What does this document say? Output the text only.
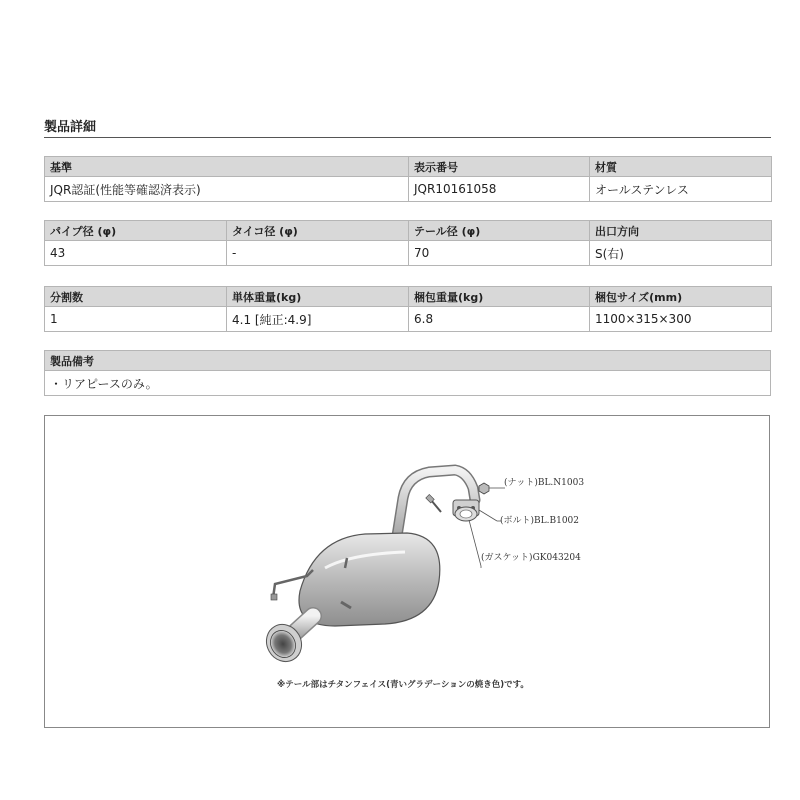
製品詳細
基準	表示番号	材質
JQR認証(性能等確認済表示)	JQR10161058	オールステンレス
パイプ径 (φ)	タイコ径 (φ)	テール径 (φ)	出口方向
43	-	70	S(右)
分割数	単体重量(kg)	梱包重量(kg)	梱包サイズ(mm)
1	4.1 [純正:4.9]	6.8	1100×315×300
製品備考
・リアピースのみ。
(ナット)BL.N1003
(ボルト)BL.B1002
(ガスケット)GK043204
※テール部はチタンフェイス(青いグラデーションの焼き色)です。
